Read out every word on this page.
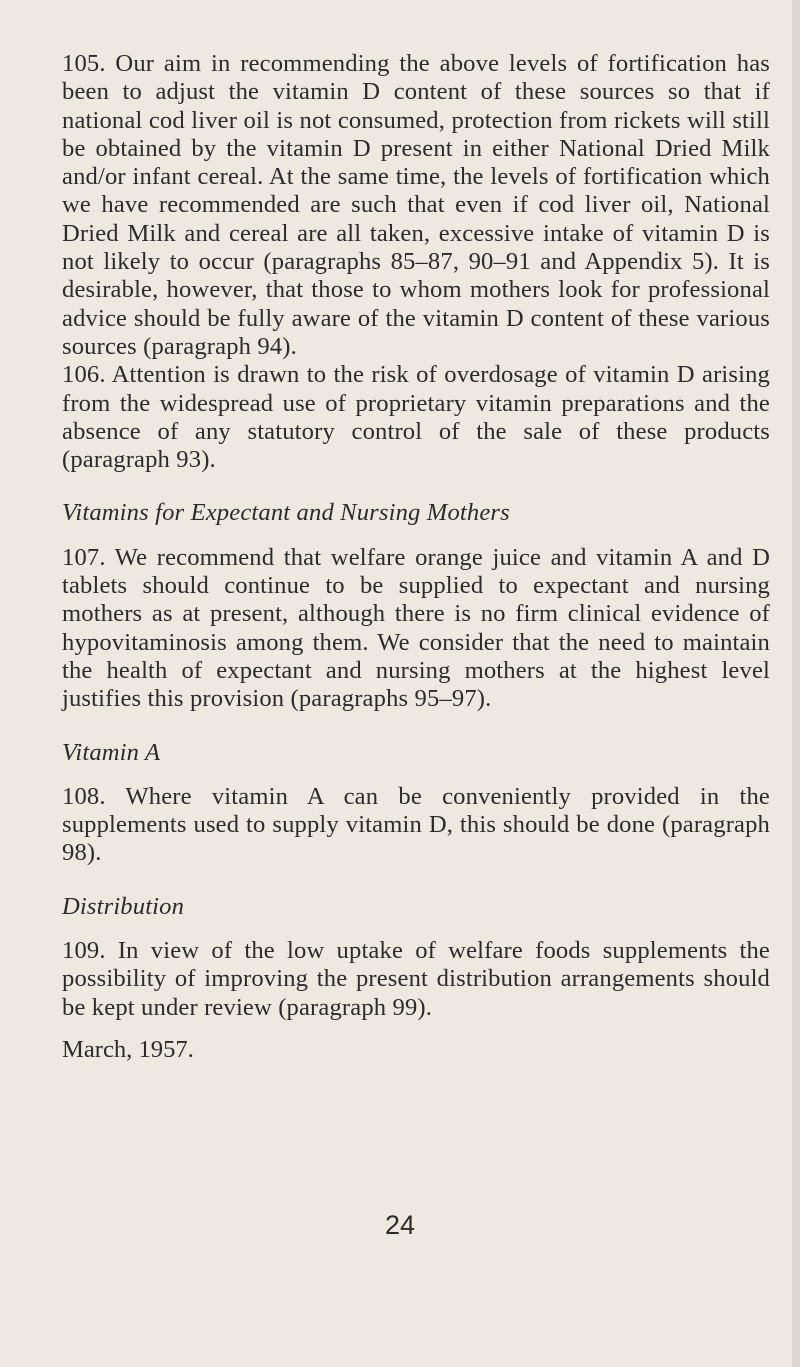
105. Our aim in recommending the above levels of fortification has been to adjust the vitamin D content of these sources so that if national cod liver oil is not consumed, protection from rickets will still be obtained by the vitamin D present in either National Dried Milk and/or infant cereal. At the same time, the levels of fortification which we have recommended are such that even if cod liver oil, National Dried Milk and cereal are all taken, excessive intake of vitamin D is not likely to occur (paragraphs 85–87, 90–91 and Appendix 5). It is desirable, however, that those to whom mothers look for professional advice should be fully aware of the vitamin D content of these various sources (paragraph 94).

106. Attention is drawn to the risk of overdosage of vitamin D arising from the widespread use of proprietary vitamin preparations and the absence of any statutory control of the sale of these products (paragraph 93).

Vitamins for Expectant and Nursing Mothers

107. We recommend that welfare orange juice and vitamin A and D tablets should continue to be supplied to expectant and nursing mothers as at present, although there is no firm clinical evidence of hypovitaminosis among them. We consider that the need to maintain the health of expectant and nursing mothers at the highest level justifies this provision (paragraphs 95–97).

Vitamin A

108. Where vitamin A can be conveniently provided in the supplements used to supply vitamin D, this should be done (paragraph 98).

Distribution

109. In view of the low uptake of welfare foods supplements the possibility of improving the present distribution arrangements should be kept under review (paragraph 99).

March, 1957.

24
